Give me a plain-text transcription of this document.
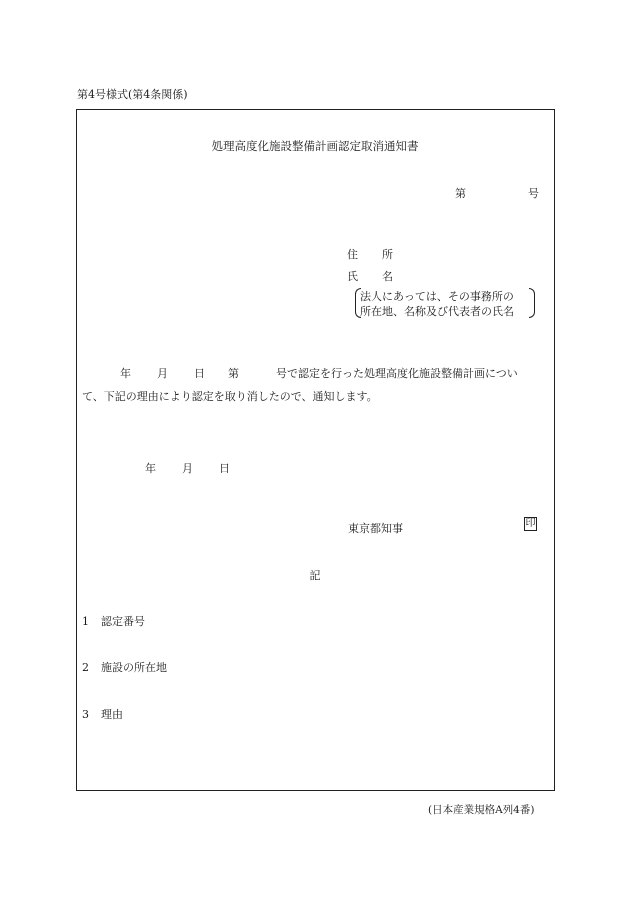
第4号様式(第4条関係)
処理高度化施設整備計画認定取消通知書
第	号
住 所
氏 名
法人にあっては、その事務所の
所在地、名称及び代表者の氏名
年 月 日 第	号で認定を行った処理高度化施設整備計画につい
て、下記の理由により認定を取り消したので、通知します。
年 月 日
東京都知事	印
記
1 認定番号
2 施設の所在地
3 理由
(日本産業規格A列4番)
